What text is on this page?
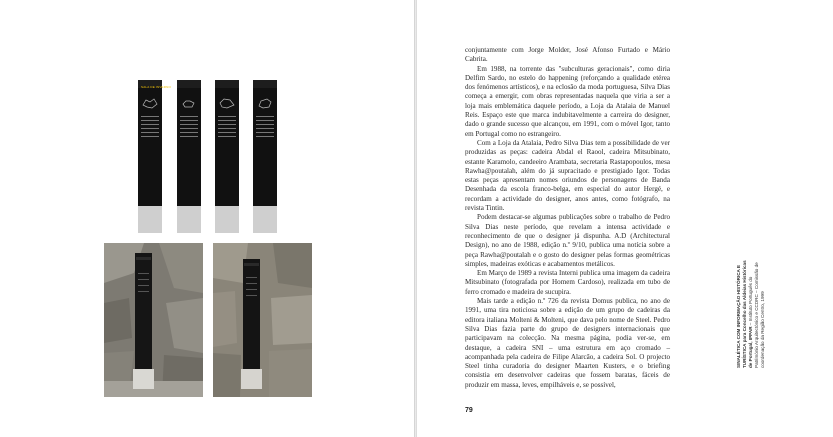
SALA DE INVERNO

conjuntamente com Jorge Molder, José Afonso Furtado e Mário Cabrita.

Em 1988, na torrente das "subculturas geracionais", como diria Delfim Sardo, no estelo do happening (reforçando a qualidade etérea dos fenómenos artísticos), e na eclosão da moda portuguesa, Silva Dias começa a emergir, com obras representadas naquela que viria a ser a loja mais emblemática daquele período, a Loja da Atalaia de Manuel Reis. Espaço este que marca indubitavelmente a carreira do designer, dado o grande sucesso que alcançou, em 1991, com o móvel Igor, tanto em Portugal como no estrangeiro.

Com a Loja da Atalaia, Pedro Silva Dias tem a possibilidade de ver produzidas as peças: cadeira Abdal el Raool, cadeira Mitsubinato, estante Karamolo, candeeiro Arambata, secretaria Rastapopoulos, mesa Rawha@poutalah, além do já supracitado e prestigiado Igor. Todas estas peças apresentam nomes oriundos de personagens de Banda Desenhada da escola franco-belga, em especial do autor Hergé, e recordam a actividade do designer, anos antes, como fotógrafo, na revista Tintin.

Podem destacar-se algumas publicações sobre o trabalho de Pedro Silva Dias neste período, que revelam a intensa actividade e reconhecimento de que o designer já dispunha. A.D (Architectural Design), no ano de 1988, edição n.º 9/10, publica uma notícia sobre a peça Rawha@poutalah e o gosto do designer pelas formas geométricas simples, madeiras exóticas e acabamentos metálicos.

Em Março de 1989 a revista Interni publica uma imagem da cadeira Mitsubinato (fotografada por Homem Cardoso), realizada em tubo de ferro cromado e madeira de sucupira.

Mais tarde a edição n.º 726 da revista Domus publica, no ano de 1991, uma tira noticiosa sobre a edição de um grupo de cadeiras da editora italiana Molteni & Molteni, que dava pelo nome de Steel. Pedro Silva Dias fazia parte do grupo de designers internacionais que participavam na colecção. Na mesma página, podia ver-se, em destaque, a cadeira SNI – uma estrutura em aço cromado – acompanhada pela cadeira de Filipe Alarcão, a cadeira Sol. O projecto Steel tinha curadoria do designer Maarten Kusters, e o briefing consistia em desenvolver cadeiras que fossem baratas, fáceis de produzir em massa, leves, empilháveis e, se possível,

79
SINALÉTICA COM INFORMAÇÃO HISTÓRICA E TURÍSTICA para Concelho das Aldeias Históricas de Portugal, IPPAR – Instituto Português do Património Arquitectónico e CCDRC – Comissão de coordenação da Região Centro, 1999
